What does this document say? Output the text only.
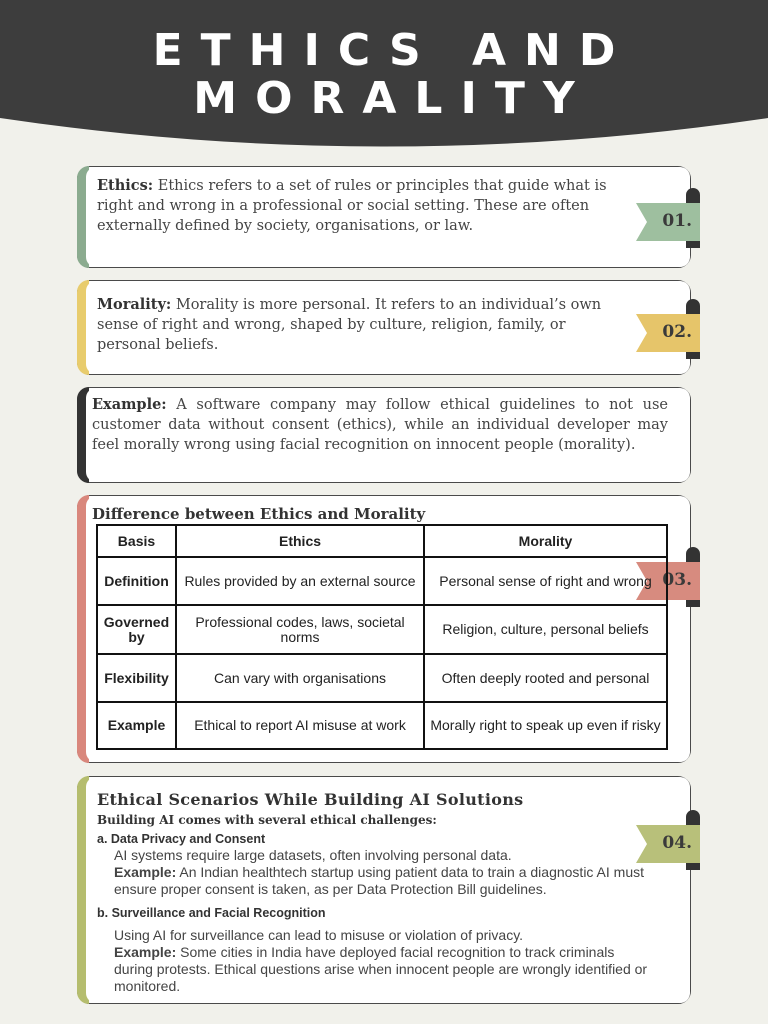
ETHICS AND
MORALITY

Ethics: Ethics refers to a set of rules or principles that guide what is right and wrong in a professional or social setting. These are often externally defined by society, organisations, or law.	01.

Morality: Morality is more personal. It refers to an individual’s own sense of right and wrong, shaped by culture, religion, family, or personal beliefs.

02.

Example: A software company may follow ethical guidelines to not use customer data without consent (ethics), while an individual developer may feel morally wrong using facial recognition on innocent people (morality).

Difference between Ethics and Morality
03.
Basis	Ethics	Morality
Definition	Rules provided by an external source	Personal sense of right and wrong
Governed by	Professional codes, laws, societal norms	Religion, culture, personal beliefs
Flexibility	Can vary with organisations	Often deeply rooted and personal
Example	Ethical to report AI misuse at work	Morally right to speak up even if risky
Ethical Scenarios While Building AI Solutions
Building AI comes with several ethical challenges:
a. Data Privacy and Consent
AI systems require large datasets, often involving personal data.
Example: An Indian healthtech startup using patient data to train a diagnostic AI must ensure proper consent is taken, as per Data Protection Bill guidelines.
b. Surveillance and Facial Recognition
Using AI for surveillance can lead to misuse or violation of privacy.
Example: Some cities in India have deployed facial recognition to track criminals during protests. Ethical questions arise when innocent people are wrongly identified or monitored.
04.
